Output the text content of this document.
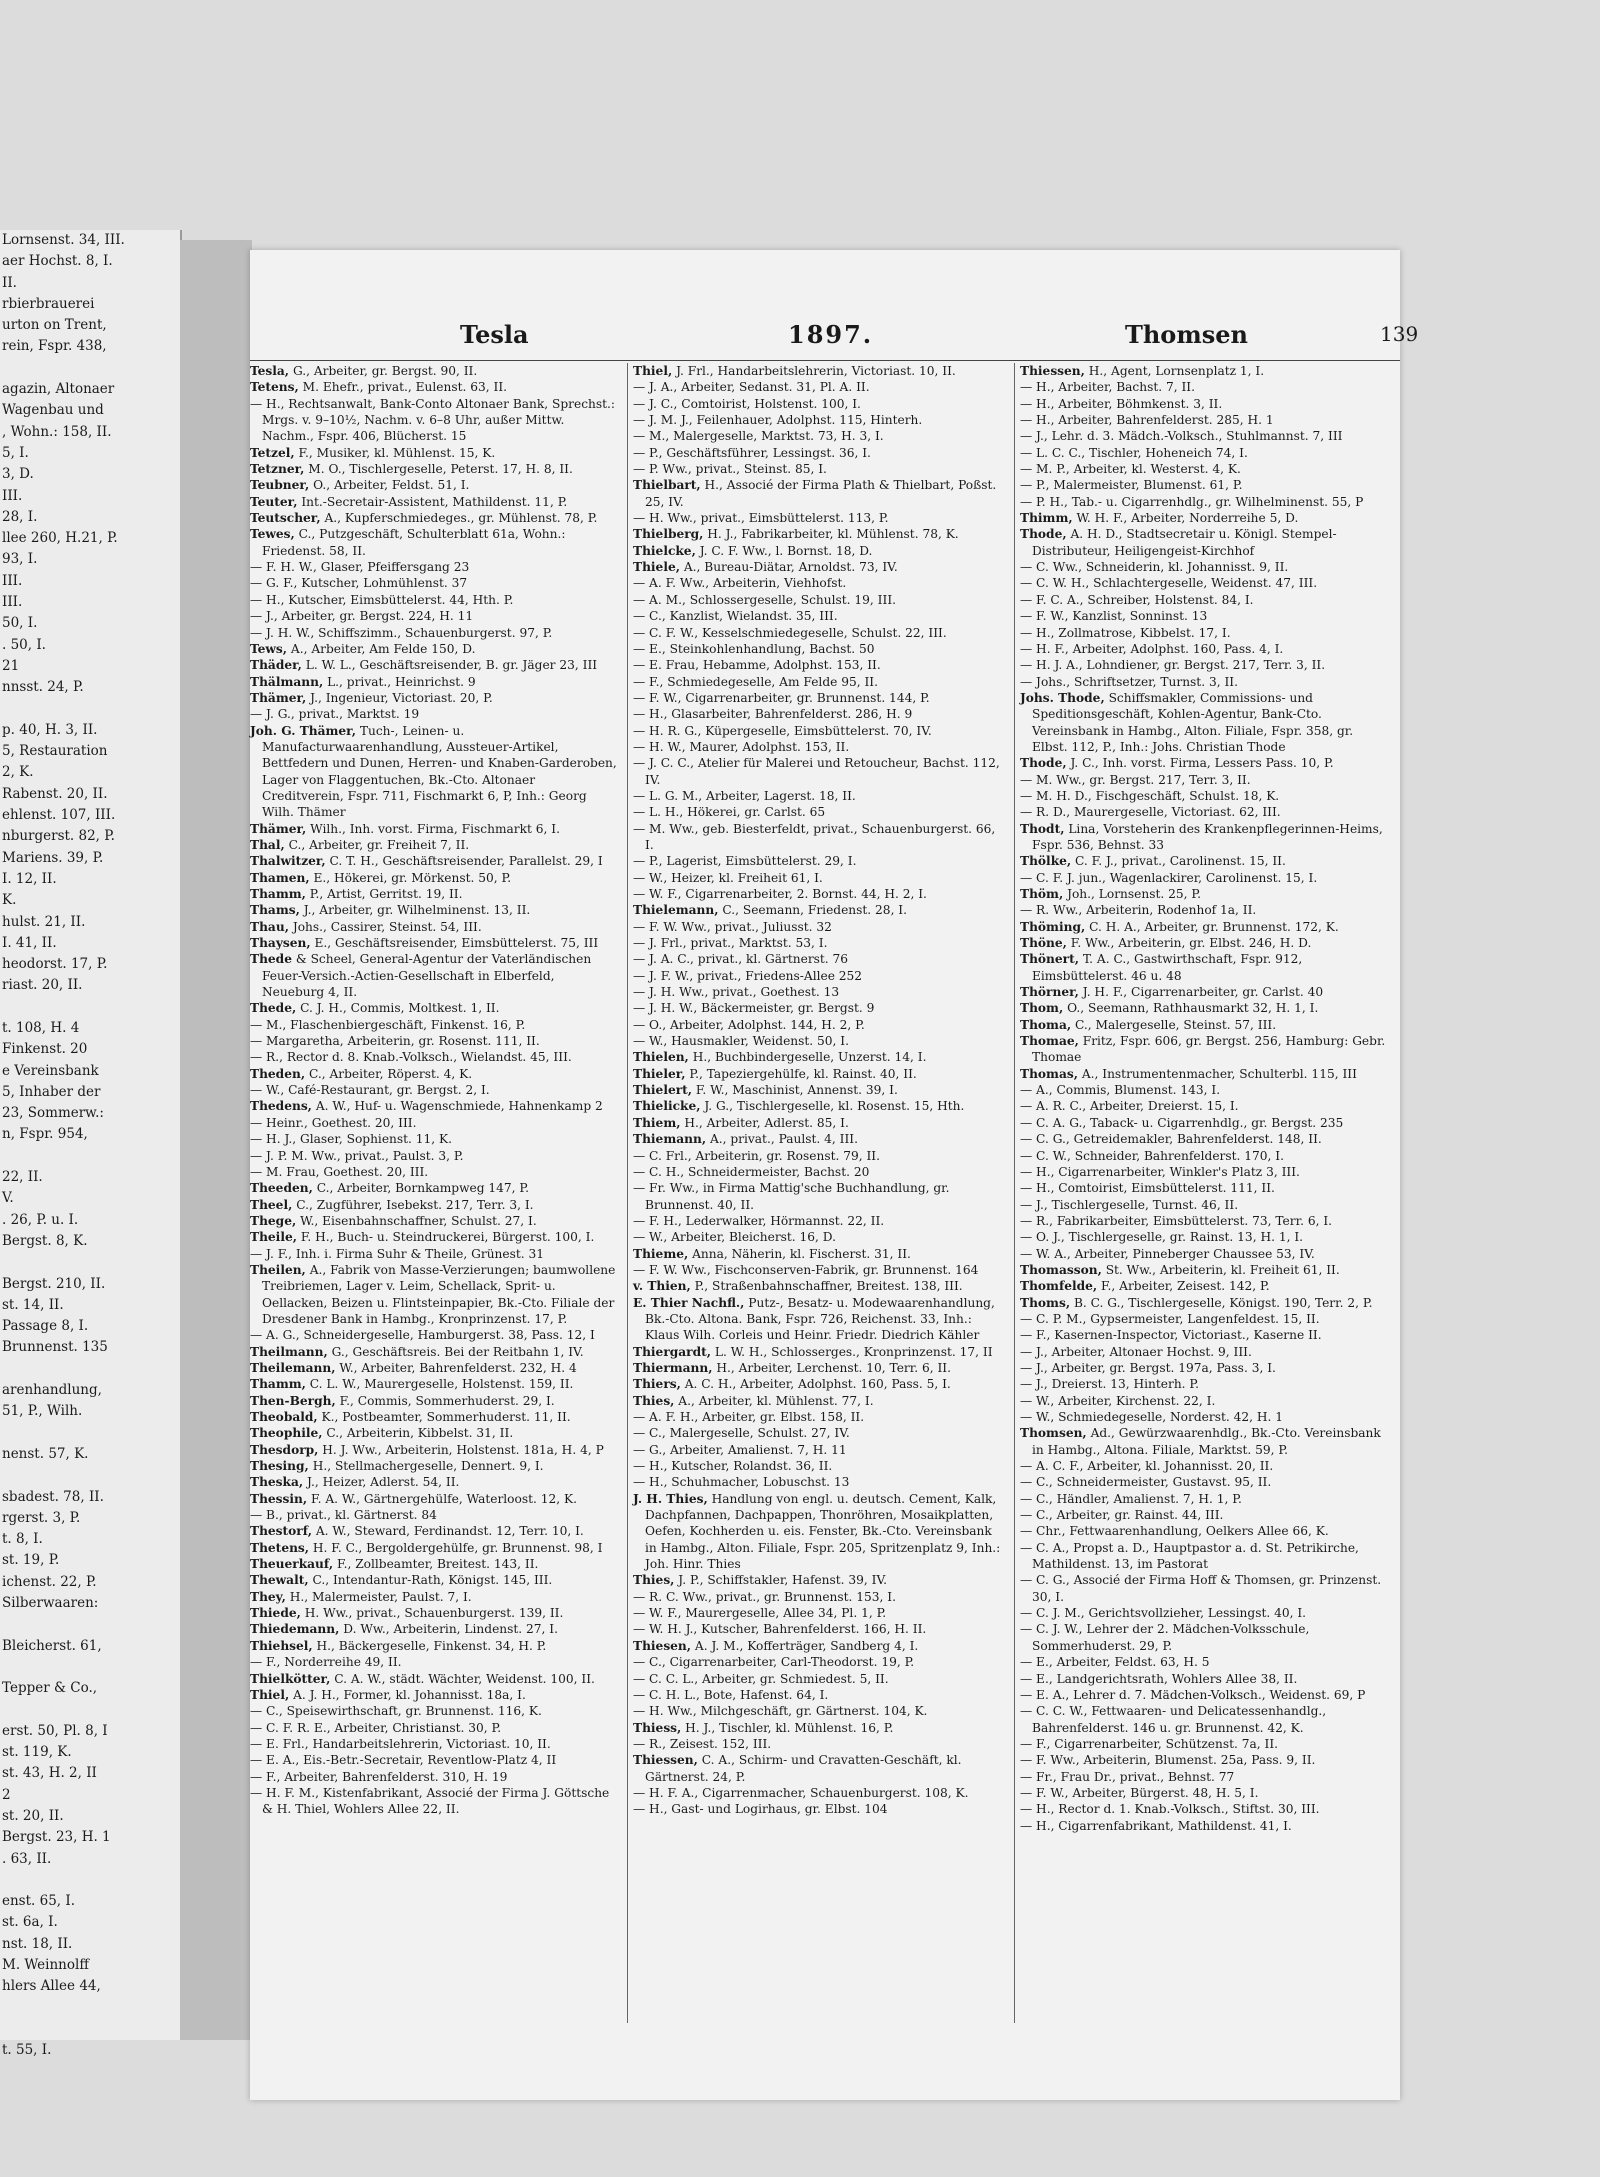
Lornsenst. 34, III.
aer Hochst. 8, I.
II.
rbierbrauerei
urton on Trent,
rein, Fspr. 438,

agazin, Altonaer
Wagenbau und
, Wohn.: 158, II.
5, I.
3, D.
III.
28, I.
llee 260, H.21, P.
93, I.
III.
III.
50, I.
. 50, I.
21
nnsst. 24, P.

p. 40, H. 3, II.
5, Restauration
2, K.
Rabenst. 20, II.
ehlenst. 107, III.
nburgerst. 82, P.
Mariens. 39, P.
I. 12, II.
K.
hulst. 21, II.
I. 41, II.
heodorst. 17, P.
riast. 20, II.

t. 108, H. 4
Finkenst. 20
e Vereinsbank
5, Inhaber der
23, Sommerw.:
n, Fspr. 954,

22, II.
V.
. 26, P. u. I.
Bergst. 8, K.

Bergst. 210, II.
st. 14, II.
Passage 8, I.
Brunnenst. 135

arenhandlung,
51, P., Wilh.

nenst. 57, K.

sbadest. 78, II.
rgerst. 3, P.
t. 8, I.
st. 19, P.
ichenst. 22, P.
Silberwaaren:

Bleicherst. 61,

Tepper & Co.,

erst. 50, Pl. 8, I
st. 119, K.
st. 43, H. 2, II
2
st. 20, II.
Bergst. 23, H. 1
. 63, II.

enst. 65, I.
st. 6a, I.
nst. 18, II.
M. Weinnolff
hlers Allee 44,

t. 55, I.
Tesla	1897.	Thomsen	139

Tesla, G., Arbeiter, gr. Bergst. 90, II.

Tetens, M. Ehefr., privat., Eulenst. 63, II.

— H., Rechtsanwalt, Bank-Conto Altonaer Bank, Sprechst.: Mrgs. v. 9–10½, Nachm. v. 6–8 Uhr, außer Mittw. Nachm., Fspr. 406, Blücherst. 15

Tetzel, F., Musiker, kl. Mühlenst. 15, K.

Tetzner, M. O., Tischlergeselle, Peterst. 17, H. 8, II.

Teubner, O., Arbeiter, Feldst. 51, I.

Teuter, Int.-Secretair-Assistent, Mathildenst. 11, P.

Teutscher, A., Kupferschmiedeges., gr. Mühlenst. 78, P.

Tewes, C., Putzgeschäft, Schulterblatt 61a, Wohn.: Friedenst. 58, II.

— F. H. W., Glaser, Pfeiffersgang 23

— G. F., Kutscher, Lohmühlenst. 37

— H., Kutscher, Eimsbüttelerst. 44, Hth. P.

— J., Arbeiter, gr. Bergst. 224, H. 11

— J. H. W., Schiffszimm., Schauenburgerst. 97, P.

Tews, A., Arbeiter, Am Felde 150, D.

Thäder, L. W. L., Geschäftsreisender, B. gr. Jäger 23, III

Thälmann, L., privat., Heinrichst. 9

Thämer, J., Ingenieur, Victoriast. 20, P.

— J. G., privat., Marktst. 19

Joh. G. Thämer, Tuch-, Leinen- u. Manufacturwaarenhandlung, Aussteuer-Artikel, Bettfedern und Dunen, Herren- und Knaben-Garderoben, Lager von Flaggentuchen, Bk.-Cto. Altonaer Creditverein, Fspr. 711, Fischmarkt 6, P, Inh.: Georg Wilh. Thämer

Thämer, Wilh., Inh. vorst. Firma, Fischmarkt 6, I.

Thal, C., Arbeiter, gr. Freiheit 7, II.

Thalwitzer, C. T. H., Geschäftsreisender, Parallelst. 29, I

Thamen, E., Hökerei, gr. Mörkenst. 50, P.

Thamm, P., Artist, Gerritst. 19, II.

Thams, J., Arbeiter, gr. Wilhelminenst. 13, II.

Thau, Johs., Cassirer, Steinst. 54, III.

Thaysen, E., Geschäftsreisender, Eimsbüttelerst. 75, III

Thede & Scheel, General-Agentur der Vaterländischen Feuer-Versich.-Actien-Gesellschaft in Elberfeld, Neueburg 4, II.

Thede, C. J. H., Commis, Moltkest. 1, II.

— M., Flaschenbiergeschäft, Finkenst. 16, P.

— Margaretha, Arbeiterin, gr. Rosenst. 111, II.

— R., Rector d. 8. Knab.-Volksch., Wielandst. 45, III.

Theden, C., Arbeiter, Röperst. 4, K.

— W., Café-Restaurant, gr. Bergst. 2, I.

Thedens, A. W., Huf- u. Wagenschmiede, Hahnenkamp 2

— Heinr., Goethest. 20, III.

— H. J., Glaser, Sophienst. 11, K.

— J. P. M. Ww., privat., Paulst. 3, P.

— M. Frau, Goethest. 20, III.

Theeden, C., Arbeiter, Bornkampweg 147, P.

Theel, C., Zugführer, Isebekst. 217, Terr. 3, I.

Thege, W., Eisenbahnschaffner, Schulst. 27, I.

Theile, F. H., Buch- u. Steindruckerei, Bürgerst. 100, I.

— J. F., Inh. i. Firma Suhr & Theile, Grünest. 31

Theilen, A., Fabrik von Masse-Verzierungen; baumwollene Treibriemen, Lager v. Leim, Schellack, Sprit- u. Oellacken, Beizen u. Flintsteinpapier, Bk.-Cto. Filiale der Dresdener Bank in Hambg., Kronprinzenst. 17, P.

— A. G., Schneidergeselle, Hamburgerst. 38, Pass. 12, I

Theilmann, G., Geschäftsreis. Bei der Reitbahn 1, IV.

Theilemann, W., Arbeiter, Bahrenfelderst. 232, H. 4

Thamm, C. L. W., Maurergeselle, Holstenst. 159, II.

Then-Bergh, F., Commis, Sommerhuderst. 29, I.

Theobald, K., Postbeamter, Sommerhuderst. 11, II.

Theophile, C., Arbeiterin, Kibbelst. 31, II.

Thesdorp, H. J. Ww., Arbeiterin, Holstenst. 181a, H. 4, P

Thesing, H., Stellmachergeselle, Dennert. 9, I.

Theska, J., Heizer, Adlerst. 54, II.

Thessin, F. A. W., Gärtnergehülfe, Waterloost. 12, K.

— B., privat., kl. Gärtnerst. 84

Thestorf, A. W., Steward, Ferdinandst. 12, Terr. 10, I.

Thetens, H. F. C., Bergoldergehülfe, gr. Brunnenst. 98, I

Theuerkauf, F., Zollbeamter, Breitest. 143, II.

Thewalt, C., Intendantur-Rath, Königst. 145, III.

They, H., Malermeister, Paulst. 7, I.

Thiede, H. Ww., privat., Schauenburgerst. 139, II.

Thiedemann, D. Ww., Arbeiterin, Lindenst. 27, I.

Thiehsel, H., Bäckergeselle, Finkenst. 34, H. P.

— F., Norderreihe 49, II.

Thielkötter, C. A. W., städt. Wächter, Weidenst. 100, II.

Thiel, A. J. H., Former, kl. Johannisst. 18a, I.

— C., Speisewirthschaft, gr. Brunnenst. 116, K.

— C. F. R. E., Arbeiter, Christianst. 30, P.

— E. Frl., Handarbeitslehrerin, Victoriast. 10, II.

— E. A., Eis.-Betr.-Secretair, Reventlow-Platz 4, II

— F., Arbeiter, Bahrenfelderst. 310, H. 19

— H. F. M., Kistenfabrikant, Associé der Firma J. Göttsche & H. Thiel, Wohlers Allee 22, II.

Thiel, J. Frl., Handarbeitslehrerin, Victoriast. 10, II.

— J. A., Arbeiter, Sedanst. 31, Pl. A. II.

— J. C., Comtoirist, Holstenst. 100, I.

— J. M. J., Feilenhauer, Adolphst. 115, Hinterh.

— M., Malergeselle, Marktst. 73, H. 3, I.

— P., Geschäftsführer, Lessingst. 36, I.

— P. Ww., privat., Steinst. 85, I.

Thielbart, H., Associé der Firma Plath & Thielbart, Poßst. 25, IV.

— H. Ww., privat., Eimsbüttelerst. 113, P.

Thielberg, H. J., Fabrikarbeiter, kl. Mühlenst. 78, K.

Thielcke, J. C. F. Ww., l. Bornst. 18, D.

Thiele, A., Bureau-Diätar, Arnoldst. 73, IV.

— A. F. Ww., Arbeiterin, Viehhofst.

— A. M., Schlossergeselle, Schulst. 19, III.

— C., Kanzlist, Wielandst. 35, III.

— C. F. W., Kesselschmiedegeselle, Schulst. 22, III.

— E., Steinkohlenhandlung, Bachst. 50

— E. Frau, Hebamme, Adolphst. 153, II.

— F., Schmiedegeselle, Am Felde 95, II.

— F. W., Cigarrenarbeiter, gr. Brunnenst. 144, P.

— H., Glasarbeiter, Bahrenfelderst. 286, H. 9

— H. R. G., Küpergeselle, Eimsbüttelerst. 70, IV.

— H. W., Maurer, Adolphst. 153, II.

— J. C. C., Atelier für Malerei und Retoucheur, Bachst. 112, IV.

— L. G. M., Arbeiter, Lagerst. 18, II.

— L. H., Hökerei, gr. Carlst. 65

— M. Ww., geb. Biesterfeldt, privat., Schauenburgerst. 66, I.

— P., Lagerist, Eimsbüttelerst. 29, I.

— W., Heizer, kl. Freiheit 61, I.

— W. F., Cigarrenarbeiter, 2. Bornst. 44, H. 2, I.

Thielemann, C., Seemann, Friedenst. 28, I.

— F. W. Ww., privat., Juliusst. 32

— J. Frl., privat., Marktst. 53, I.

— J. A. C., privat., kl. Gärtnerst. 76

— J. F. W., privat., Friedens-Allee 252

— J. H. Ww., privat., Goethest. 13

— J. H. W., Bäckermeister, gr. Bergst. 9

— O., Arbeiter, Adolphst. 144, H. 2, P.

— W., Hausmakler, Weidenst. 50, I.

Thielen, H., Buchbindergeselle, Unzerst. 14, I.

Thieler, P., Tapeziergehülfe, kl. Rainst. 40, II.

Thielert, F. W., Maschinist, Annenst. 39, I.

Thielicke, J. G., Tischlergeselle, kl. Rosenst. 15, Hth.

Thiem, H., Arbeiter, Adlerst. 85, I.

Thiemann, A., privat., Paulst. 4, III.

— C. Frl., Arbeiterin, gr. Rosenst. 79, II.

— C. H., Schneidermeister, Bachst. 20

— Fr. Ww., in Firma Mattig'sche Buchhandlung, gr. Brunnenst. 40, II.

— F. H., Lederwalker, Hörmannst. 22, II.

— W., Arbeiter, Bleicherst. 16, D.

Thieme, Anna, Näherin, kl. Fischerst. 31, II.

— F. W. Ww., Fischconserven-Fabrik, gr. Brunnenst. 164

v. Thien, P., Straßenbahnschaffner, Breitest. 138, III.

E. Thier Nachfl., Putz-, Besatz- u. Modewaarenhandlung, Bk.-Cto. Altona. Bank, Fspr. 726, Reichenst. 33, Inh.: Klaus Wilh. Corleis und Heinr. Friedr. Diedrich Kähler

Thiergardt, L. W. H., Schlosserges., Kronprinzenst. 17, II

Thiermann, H., Arbeiter, Lerchenst. 10, Terr. 6, II.

Thiers, A. C. H., Arbeiter, Adolphst. 160, Pass. 5, I.

Thies, A., Arbeiter, kl. Mühlenst. 77, I.

— A. F. H., Arbeiter, gr. Elbst. 158, II.

— C., Malergeselle, Schulst. 27, IV.

— G., Arbeiter, Amalienst. 7, H. 11

— H., Kutscher, Rolandst. 36, II.

— H., Schuhmacher, Lobuschst. 13

J. H. Thies, Handlung von engl. u. deutsch. Cement, Kalk, Dachpfannen, Dachpappen, Thonröhren, Mosaikplatten, Oefen, Kochherden u. eis. Fenster, Bk.-Cto. Vereinsbank in Hambg., Alton. Filiale, Fspr. 205, Spritzenplatz 9, Inh.: Joh. Hinr. Thies

Thies, J. P., Schiffstakler, Hafenst. 39, IV.

— R. C. Ww., privat., gr. Brunnenst. 153, I.

— W. F., Maurergeselle, Allee 34, Pl. 1, P.

— W. H. J., Kutscher, Bahrenfelderst. 166, H. II.

Thiesen, A. J. M., Kofferträger, Sandberg 4, I.

— C., Cigarrenarbeiter, Carl-Theodorst. 19, P.

— C. C. L., Arbeiter, gr. Schmiedest. 5, II.

— C. H. L., Bote, Hafenst. 64, I.

— H. Ww., Milchgeschäft, gr. Gärtnerst. 104, K.

Thiess, H. J., Tischler, kl. Mühlenst. 16, P.

— R., Zeisest. 152, III.

Thiessen, C. A., Schirm- und Cravatten-Geschäft, kl. Gärtnerst. 24, P.

— H. F. A., Cigarrenmacher, Schauenburgerst. 108, K.

— H., Gast- und Logirhaus, gr. Elbst. 104

Thiessen, H., Agent, Lornsenplatz 1, I.

— H., Arbeiter, Bachst. 7, II.

— H., Arbeiter, Böhmkenst. 3, II.

— H., Arbeiter, Bahrenfelderst. 285, H. 1

— J., Lehr. d. 3. Mädch.-Volksch., Stuhlmannst. 7, III

— L. C. C., Tischler, Hoheneich 74, I.

— M. P., Arbeiter, kl. Westerst. 4, K.

— P., Malermeister, Blumenst. 61, P.

— P. H., Tab.- u. Cigarrenhdlg., gr. Wilhelminenst. 55, P

Thimm, W. H. F., Arbeiter, Norderreihe 5, D.

Thode, A. H. D., Stadtsecretair u. Königl. Stempel-Distributeur, Heiligengeist-Kirchhof

— C. Ww., Schneiderin, kl. Johannisst. 9, II.

— C. W. H., Schlachtergeselle, Weidenst. 47, III.

— F. C. A., Schreiber, Holstenst. 84, I.

— F. W., Kanzlist, Sonninst. 13

— H., Zollmatrose, Kibbelst. 17, I.

— H. F., Arbeiter, Adolphst. 160, Pass. 4, I.

— H. J. A., Lohndiener, gr. Bergst. 217, Terr. 3, II.

— Johs., Schriftsetzer, Turnst. 3, II.

Johs. Thode, Schiffsmakler, Commissions- und Speditionsgeschäft, Kohlen-Agentur, Bank-Cto. Vereinsbank in Hambg., Alton. Filiale, Fspr. 358, gr. Elbst. 112, P., Inh.: Johs. Christian Thode

Thode, J. C., Inh. vorst. Firma, Lessers Pass. 10, P.

— M. Ww., gr. Bergst. 217, Terr. 3, II.

— M. H. D., Fischgeschäft, Schulst. 18, K.

— R. D., Maurergeselle, Victoriast. 62, III.

Thodt, Lina, Vorsteherin des Krankenpflegerinnen-Heims, Fspr. 536, Behnst. 33

Thölke, C. F. J., privat., Carolinenst. 15, II.

— C. F. J. jun., Wagenlackirer, Carolinenst. 15, I.

Thöm, Joh., Lornsenst. 25, P.

— R. Ww., Arbeiterin, Rodenhof 1a, II.

Thöming, C. H. A., Arbeiter, gr. Brunnenst. 172, K.

Thöne, F. Ww., Arbeiterin, gr. Elbst. 246, H. D.

Thönert, T. A. C., Gastwirthschaft, Fspr. 912, Eimsbüttelerst. 46 u. 48

Thörner, J. H. F., Cigarrenarbeiter, gr. Carlst. 40

Thom, O., Seemann, Rathhausmarkt 32, H. 1, I.

Thoma, C., Malergeselle, Steinst. 57, III.

Thomae, Fritz, Fspr. 606, gr. Bergst. 256, Hamburg: Gebr. Thomae

Thomas, A., Instrumentenmacher, Schulterbl. 115, III

— A., Commis, Blumenst. 143, I.

— A. R. C., Arbeiter, Dreierst. 15, I.

— C. A. G., Taback- u. Cigarrenhdlg., gr. Bergst. 235

— C. G., Getreidemakler, Bahrenfelderst. 148, II.

— C. W., Schneider, Bahrenfelderst. 170, I.

— H., Cigarrenarbeiter, Winkler's Platz 3, III.

— H., Comtoirist, Eimsbüttelerst. 111, II.

— J., Tischlergeselle, Turnst. 46, II.

— R., Fabrikarbeiter, Eimsbüttelerst. 73, Terr. 6, I.

— O. J., Tischlergeselle, gr. Rainst. 13, H. 1, I.

— W. A., Arbeiter, Pinneberger Chaussee 53, IV.

Thomasson, St. Ww., Arbeiterin, kl. Freiheit 61, II.

Thomfelde, F., Arbeiter, Zeisest. 142, P.

Thoms, B. C. G., Tischlergeselle, Königst. 190, Terr. 2, P.

— C. P. M., Gypsermeister, Langenfeldest. 15, II.

— F., Kasernen-Inspector, Victoriast., Kaserne II.

— J., Arbeiter, Altonaer Hochst. 9, III.

— J., Arbeiter, gr. Bergst. 197a, Pass. 3, I.

— J., Dreierst. 13, Hinterh. P.

— W., Arbeiter, Kirchenst. 22, I.

— W., Schmiedegeselle, Norderst. 42, H. 1

Thomsen, Ad., Gewürzwaarenhdlg., Bk.-Cto. Vereinsbank in Hambg., Altona. Filiale, Marktst. 59, P.

— A. C. F., Arbeiter, kl. Johannisst. 20, II.

— C., Schneidermeister, Gustavst. 95, II.

— C., Händler, Amalienst. 7, H. 1, P.

— C., Arbeiter, gr. Rainst. 44, III.

— Chr., Fettwaarenhandlung, Oelkers Allee 66, K.

— C. A., Propst a. D., Hauptpastor a. d. St. Petrikirche, Mathildenst. 13, im Pastorat

— C. G., Associé der Firma Hoff & Thomsen, gr. Prinzenst. 30, I.

— C. J. M., Gerichtsvollzieher, Lessingst. 40, I.

— C. J. W., Lehrer der 2. Mädchen-Volksschule, Sommerhuderst. 29, P.

— E., Arbeiter, Feldst. 63, H. 5

— E., Landgerichtsrath, Wohlers Allee 38, II.

— E. A., Lehrer d. 7. Mädchen-Volksch., Weidenst. 69, P

— C. C. W., Fettwaaren- und Delicatessenhandlg., Bahrenfelderst. 146 u. gr. Brunnenst. 42, K.

— F., Cigarrenarbeiter, Schützenst. 7a, II.

— F. Ww., Arbeiterin, Blumenst. 25a, Pass. 9, II.

— Fr., Frau Dr., privat., Behnst. 77

— F. W., Arbeiter, Bürgerst. 48, H. 5, I.

— H., Rector d. 1. Knab.-Volksch., Stiftst. 30, III.

— H., Cigarrenfabrikant, Mathildenst. 41, I.
